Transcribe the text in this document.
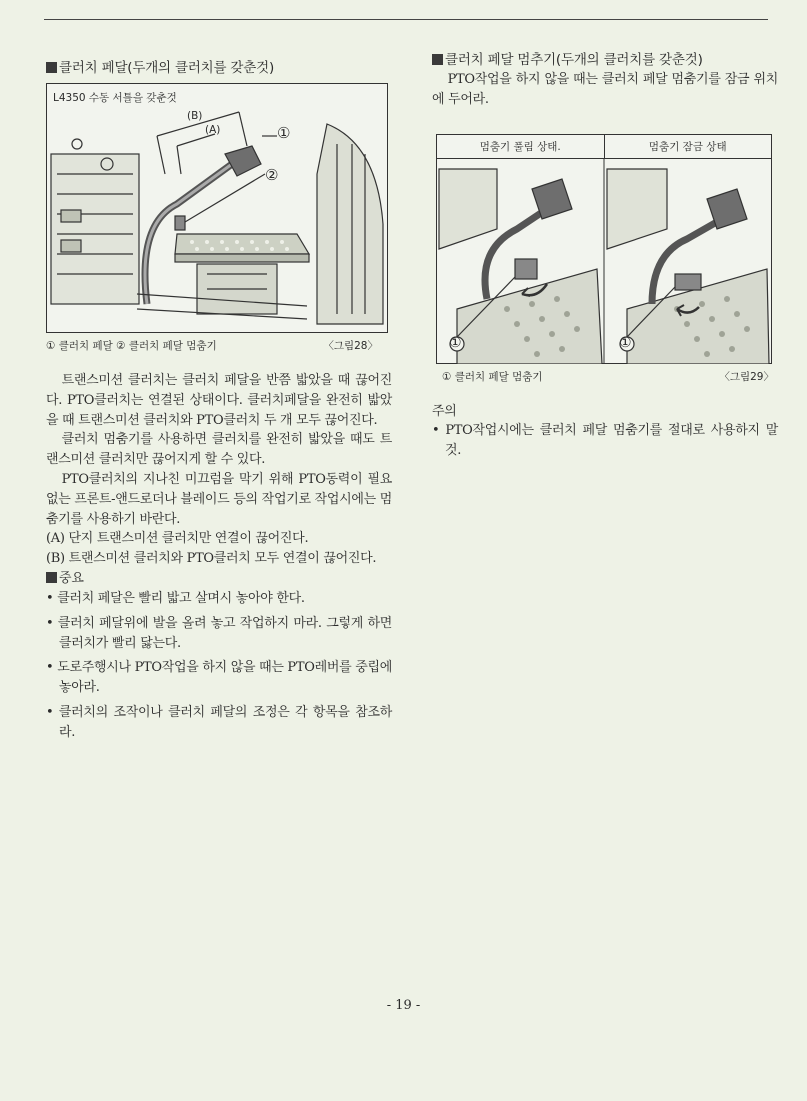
클러치 페달(두개의 클러치를 갖춘것)

L4350 수동 서틀을 갖춘것
(B)
(A)	①
②
① 클러치 페달 ② 클러치 페달 멈춤기	〈그림28〉

트랜스미션 클러치는 클러치 페달을 반쯤 밟았을 때 끊어진다. PTO클러치는 연결된 상태이다. 클러치페달을 완전히 밟았을 때 트랜스미션 클러치와 PTO클러치 두 개 모두 끊어진다.

클러치 멈춤기를 사용하면 클러치를 완전히 밟았을 때도 트랜스미션 클러치만 끊어지게 할 수 있다.

PTO클러치의 지나친 미끄럼을 막기 위해 PTO동력이 필요없는 프론트-앤드로더나 블레이드 등의 작업기로 작업시에는 멈춤기를 사용하기 바란다.

(A) 단지 트랜스미션 클러치만 연결이 끊어진다.

(B) 트랜스미션 클러치와 PTO클러치 모두 연결이 끊어진다.

중요

• 클러치 페달은 빨리 밟고 살며시 놓아야 한다.

• 클러치 페달위에 발을 올려 놓고 작업하지 마라. 그렇게 하면 클러치가 빨리 닳는다.

• 도로주행시나 PTO작업을 하지 않을 때는 PTO레버를 중립에 놓아라.

• 클러치의 조작이나 클러치 페달의 조정은 각 항목을 참조하라.

클러치 페달 멈추기(두개의 클러치를 갖춘것)

PTO작업을 하지 않을 때는 클러치 페달 멈춤기를 잠금 위치에 두어라.

멈춤기 풀림 상태.	멈춤기 잠금 상태
①	①
① 클러치 페달 멈춤기	〈그림29〉

주의

• PTO작업시에는 클러치 페달 멈춤기를 절대로 사용하지 말것.

- 19 -
